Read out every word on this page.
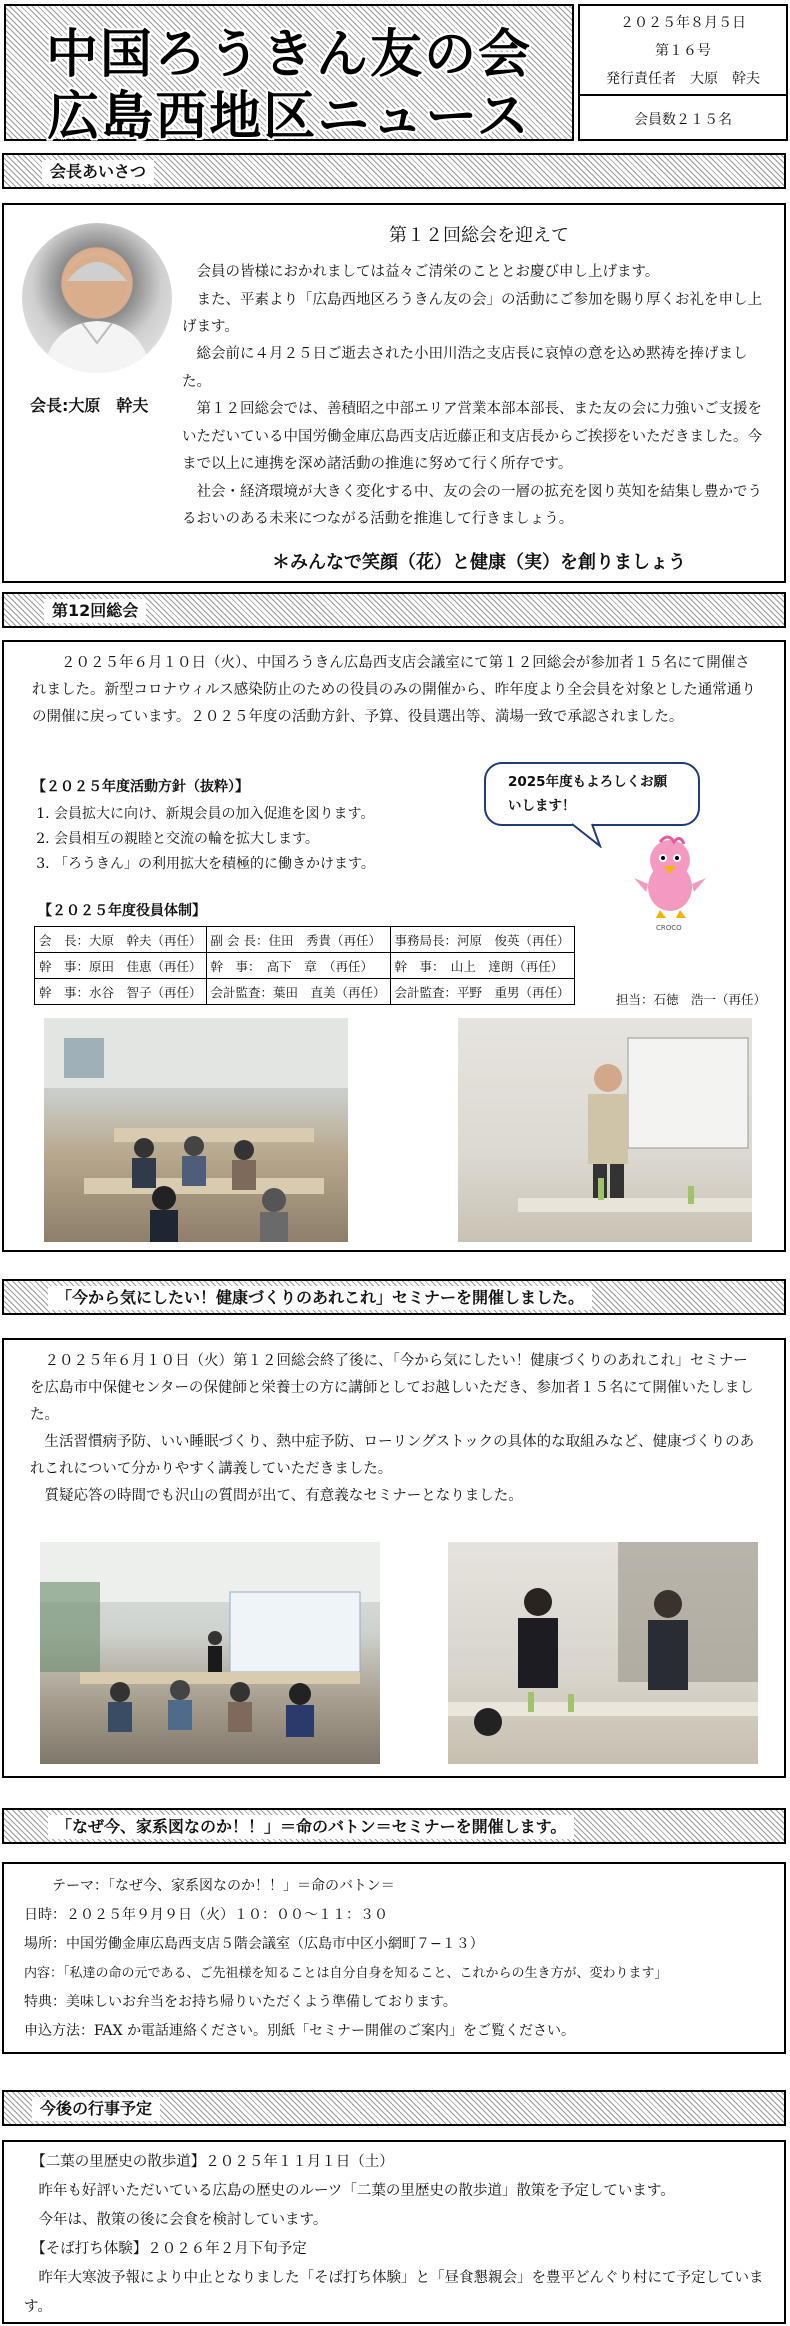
中国ろうきん友の会
広島西地区ニュース
２０２５年８月５日
第１６号
発行責任者　大原　幹夫
会員数２１５名
会長あいさつ
会長:大原　幹夫
第１２回総会を迎えて
　会員の皆様におかれましては益々ご清栄のこととお慶び申し上げます。
　また、平素より「広島西地区ろうきん友の会」の活動にご参加を賜り厚くお礼を申し上げます。
　総会前に４月２５日ご逝去された小田川浩之支店長に哀悼の意を込め黙祷を捧げました。
　第１２回総会では、善積昭之中部エリア営業本部本部長、また友の会に力強いご支援をいただいている中国労働金庫広島西支店近藤正和支店長からご挨拶をいただきました。今まで以上に連携を深め諸活動の推進に努めて行く所存です。
　社会・経済環境が大きく変化する中、友の会の一層の拡充を図り英知を結集し豊かでうるおいのある未来につながる活動を推進して行きましょう。
＊みんなで笑顔（花）と健康（実）を創りましょう
第12回総会
２０２５年６月１０日（火）、中国ろうきん広島西支店会議室にて第１２回総会が参加者１５名にて開催されました。新型コロナウィルス感染防止のための役員のみの開催から、昨年度より全会員を対象とした通常通りの開催に戻っています。２０２５年度の活動方針、予算、役員選出等、満場一致で承認されました。
【２０２５年度活動方針（抜粋）】
1. 会員拡大に向け、新規会員の加入促進を図ります。
2. 会員相互の親睦と交流の輪を拡大します。
3. 「ろうきん」の利用拡大を積極的に働きかけます。
2025年度もよろしくお願いします！
CROCO
【２０２５年度役員体制】
会　長：大原　幹夫（再任）	副 会 長：住田　秀貴（再任）	事務局長：河原　俊英（再任）
幹　事：原田　佳恵（再任）	幹　事：　高下　章　（再任）	幹　事：　山上　達朗（再任）
幹　事：水谷　智子（再任）	会計監査：葉田　直美（再任）	会計監査：平野　重男（再任）	担当：石徳　浩一（再任）
「今から気にしたい！健康づくりのあれこれ」セミナーを開催しました。
　２０２５年６月１０日（火）第１２回総会終了後に、「今から気にしたい！健康づくりのあれこれ」セミナーを広島市中保健センターの保健師と栄養士の方に講師としてお越しいただき、参加者１５名にて開催いたしました。
　生活習慣病予防、いい睡眠づくり、熱中症予防、ローリングストックの具体的な取組みなど、健康づくりのあれこれについて分かりやすく講義していただきました。
　質疑応答の時間でも沢山の質問が出て、有意義なセミナーとなりました。
「なぜ今、家系図なのか！！」＝命のバトン＝セミナーを開催します。
　　テーマ：「なぜ今、家系図なのか！！」＝命のバトン＝
日時：２０２５年９月９日（火）１０：００～１１：３０
場所：中国労働金庫広島西支店５階会議室（広島市中区小網町７−１３）
内容：「私達の命の元である、ご先祖様を知ることは自分自身を知ること、これからの生き方が、変わります」
特典：美味しいお弁当をお持ち帰りいただくよう準備しております。
申込方法：FAX か電話連絡ください。別紙「セミナー開催のご案内」をご覧ください。
今後の行事予定
　【二葉の里歴史の散歩道】２０２５年１１月１日（土）
　昨年も好評いただいている広島の歴史のルーツ「二葉の里歴史の散歩道」散策を予定しています。
　今年は、散策の後に会食を検討しています。
　【そば打ち体験】２０２６年２月下旬予定
　昨年大寒波予報により中止となりました「そば打ち体験」と「昼食懇親会」を豊平どんぐり村にて予定しています。
